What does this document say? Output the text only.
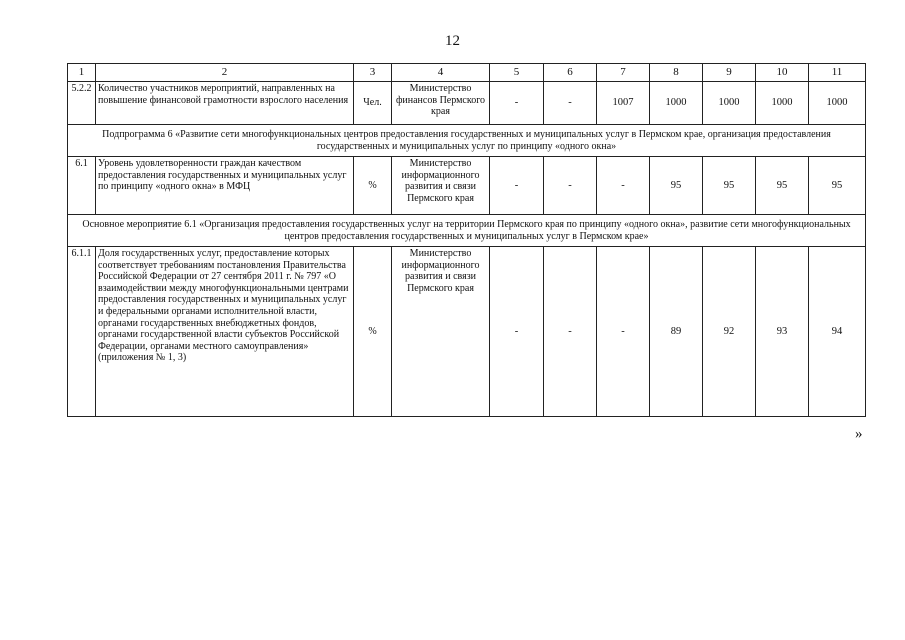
12
1	2	3	4	5	6	7	8	9	10	11
5.2.2	Количество участников мероприятий, направленных на повышение финансовой грамотности взрослого населения	Чел.	Министерство финансов Пермского края	-	-	1007	1000	1000	1000	1000
Подпрограмма 6 «Развитие сети многофункциональных центров предоставления государственных и муниципальных услуг в Пермском крае, организация предоставления государственных и муниципальных услуг по принципу «одного окна»										
6.1	Уровень удовлетворенности граждан качеством предоставления государственных и муниципальных услуг по принципу «одного окна» в МФЦ	%	Министерство информационного развития и связи Пермского края	-	-	-	95	95	95	95
Основное мероприятие 6.1 «Организация предоставления государственных услуг на территории Пермского края по принципу «одного окна», развитие сети многофункциональных центров предоставления государственных и муниципальных услуг в Пермском крае»										
6.1.1	Доля государственных услуг, предоставление которых соответствует требованиям постановления Правительства Российской Федерации от 27 сентября 2011 г. № 797 «О взаимодействии между многофункциональными центрами предоставления государственных и муниципальных услуг и федеральными органами исполнительной власти, органами государственных внебюджетных фондов, органами государственной власти субъектов Российской Федерации, органами местного самоуправления» (приложения № 1, 3)	%	Министерство информационного развития и связи Пермского края	-	-	-	89	92	93	94
»
